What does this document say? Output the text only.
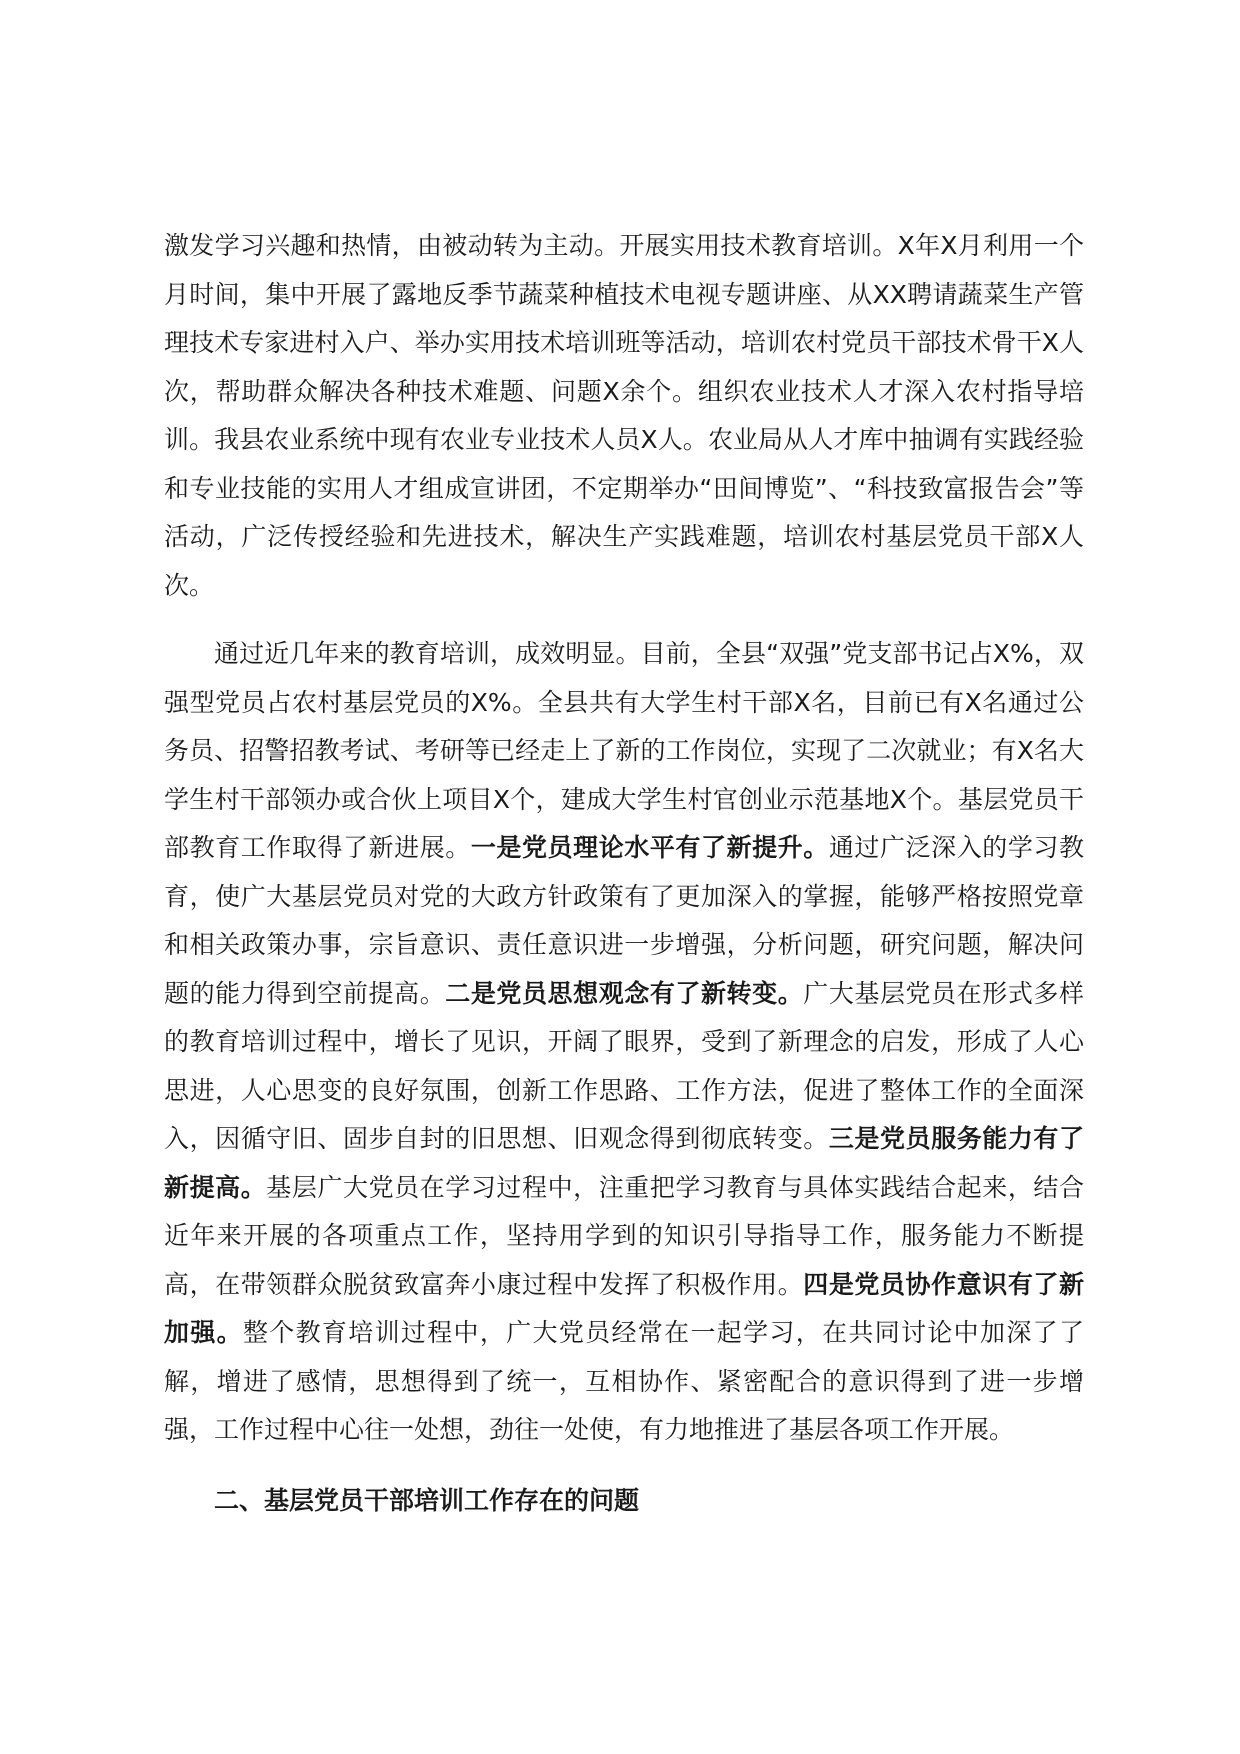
激发学习兴趣和热情，由被动转为主动。开展实用技术教育培训。X年X月利用一个月时间，集中开展了露地反季节蔬菜种植技术电视专题讲座、从XX聘请蔬菜生产管理技术专家进村入户、举办实用技术培训班等活动，培训农村党员干部技术骨干X人次，帮助群众解决各种技术难题、问题X余个。组织农业技术人才深入农村指导培训。我县农业系统中现有农业专业技术人员X人。农业局从人才库中抽调有实践经验和专业技能的实用人才组成宣讲团，不定期举办“田间博览”、“科技致富报告会”等活动，广泛传授经验和先进技术，解决生产实践难题，培训农村基层党员干部X人次。

通过近几年来的教育培训，成效明显。目前，全县“双强”党支部书记占X%，双强型党员占农村基层党员的X%。全县共有大学生村干部X名，目前已有X名通过公务员、招警招教考试、考研等已经走上了新的工作岗位，实现了二次就业；有X名大学生村干部领办或合伙上项目X个，建成大学生村官创业示范基地X个。基层党员干部教育工作取得了新进展。一是党员理论水平有了新提升。通过广泛深入的学习教育，使广大基层党员对党的大政方针政策有了更加深入的掌握，能够严格按照党章和相关政策办事，宗旨意识、责任意识进一步增强，分析问题，研究问题，解决问题的能力得到空前提高。二是党员思想观念有了新转变。广大基层党员在形式多样的教育培训过程中，增长了见识，开阔了眼界，受到了新理念的启发，形成了人心思进，人心思变的良好氛围，创新工作思路、工作方法，促进了整体工作的全面深入，因循守旧、固步自封的旧思想、旧观念得到彻底转变。三是党员服务能力有了新提高。基层广大党员在学习过程中，注重把学习教育与具体实践结合起来，结合近年来开展的各项重点工作，坚持用学到的知识引导指导工作，服务能力不断提高，在带领群众脱贫致富奔小康过程中发挥了积极作用。四是党员协作意识有了新加强。整个教育培训过程中，广大党员经常在一起学习，在共同讨论中加深了了解，增进了感情，思想得到了统一，互相协作、紧密配合的意识得到了进一步增强，工作过程中心往一处想，劲往一处使，有力地推进了基层各项工作开展。

二、基层党员干部培训工作存在的问题
